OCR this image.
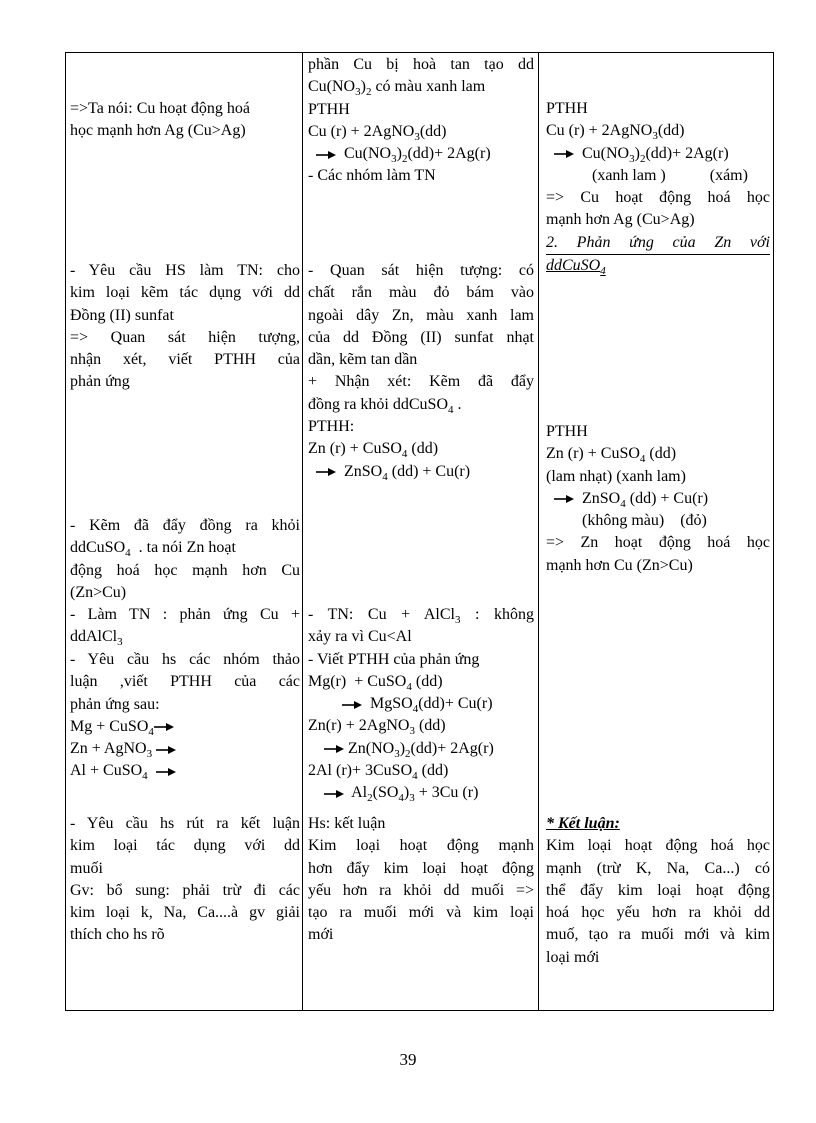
=>Ta nói: Cu hoạt động hoá
học mạnh hơn Ag (Cu>Ag)
- Yêu cầu HS làm TN: cho
kim loại kẽm tác dụng với dd
Đồng (II) sunfat
=> Quan sát hiện tượng,
nhận xét, viết PTHH của
phản ứng
- Kẽm đã đẩy đồng ra khỏi
ddCuSO$_4$ . ta nói Zn hoạt
động hoá học mạnh hơn Cu
(Zn>Cu)
- Làm TN : phản ứng Cu +
ddAlCl$_3$
- Yêu cầu hs các nhóm thảo
luận ,viết PTHH của các
phản ứng sau:
Mg + CuSO$_4$
Zn + AgNO$_3$
Al + CuSO$_4$
- Yêu cầu hs rút ra kết luận
kim loại tác dụng với dd
muối
Gv: bổ sung: phải trừ đi các
kim loại k, Na, Ca....à gv giải
thích cho hs rõ
phần Cu bị hoà tan tạo dd
$Cu(NO_3)_2$ có màu xanh lam
PTHH
Cu (r) + 2AgNO$_3$(dd)
$Cu(NO_3)_2(dd)+ 2Ag(r)$
- Các nhóm làm TN
- Quan sát hiện tượng: có
chất rắn màu đỏ bám vào
ngoài dây Zn, màu xanh lam
của dd Đồng (II) sunfat nhạt
dần, kẽm tan dần
+ Nhận xét: Kẽm đã đẩy
đồng ra khỏi ddCuSO$_4$ .
PTHH:
Zn (r) + CuSO$_4$ (dd)
ZnSO$_4$ (dd) + Cu(r)
- TN: Cu + AlCl$_3$ : không
xảy ra vì Cu<Al
- Viết PTHH của phản ứng
Mg(r)  + CuSO$_4$ (dd)
MgSO$_4$(dd)+ Cu(r)
Zn(r) + 2AgNO$_3$ (dd)
$Zn(NO_3)_2(dd)+ 2Ag(r)$
2Al (r)+ 3CuSO$_4$ (dd)
$Al_2(SO_4)_3 + 3Cu$ (r)
Hs: kết luận
Kim loại hoạt động mạnh
hơn đẩy kim loại hoạt động
yếu hơn ra khỏi dd muối =>
tạo ra muối mới và kim loại
mới
PTHH
Cu (r) + 2AgNO$_3$(dd)
$Cu(NO_3)_2(dd)+ 2Ag(r)$
(xanh lam )	(xám)
=> Cu hoạt động hoá học
mạnh hơn Ag (Cu>Ag)
2. Phản ứng của Zn với
ddCuSO$_4$
PTHH
Zn (r) + CuSO$_4$ (dd)
(lam nhạt) (xanh lam)
ZnSO$_4$ (dd) + Cu(r)
(không màu) (đỏ)
=> Zn hoạt động hoá học
mạnh hơn Cu (Zn>Cu)
* Kết luận:
Kim loại hoạt động hoá học
mạnh (trừ K, Na, Ca...) có
thể đẩy kim loại hoạt động
hoá học yếu hơn ra khỏi dd
muố, tạo ra muối mới và kim
loại mới
39
